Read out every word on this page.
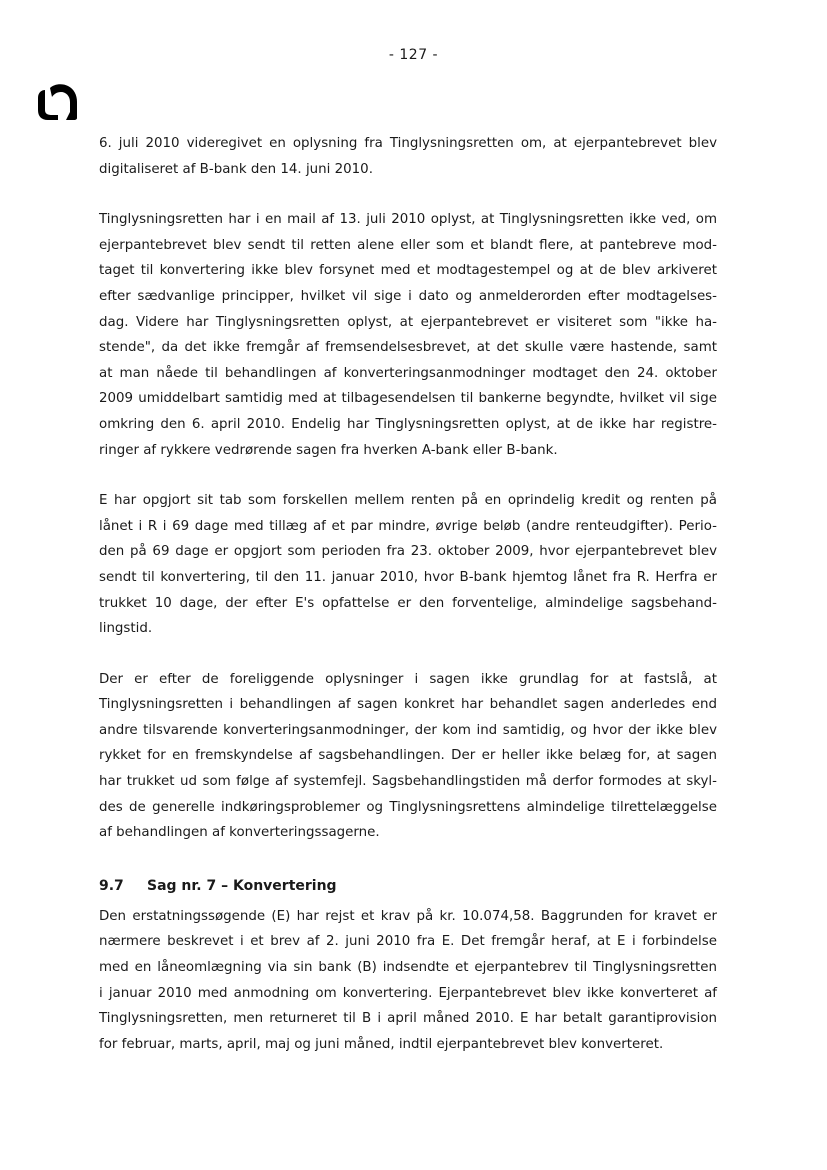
- 127 -
6. juli 2010 videregivet en oplysning fra Tinglysningsretten om, at ejerpantebrevet blev
digitaliseret af B-bank den 14. juni 2010.
Tinglysningsretten har i en mail af 13. juli 2010 oplyst, at Tinglysningsretten ikke ved, om
ejerpantebrevet blev sendt til retten alene eller som et blandt flere, at pantebreve mod-
taget til konvertering ikke blev forsynet med et modtagestempel og at de blev arkiveret
efter sædvanlige principper, hvilket vil sige i dato og anmelderorden efter modtagelses-
dag. Videre har Tinglysningsretten oplyst, at ejerpantebrevet er visiteret som "ikke ha-
stende", da det ikke fremgår af fremsendelsesbrevet, at det skulle være hastende, samt
at man nåede til behandlingen af konverteringsanmodninger modtaget den 24. oktober
2009 umiddelbart samtidig med at tilbagesendelsen til bankerne begyndte, hvilket vil sige
omkring den 6. april 2010. Endelig har Tinglysningsretten oplyst, at de ikke har registre-
ringer af rykkere vedrørende sagen fra hverken A-bank eller B-bank.
E har opgjort sit tab som forskellen mellem renten på en oprindelig kredit og renten på
lånet i R i 69 dage med tillæg af et par mindre, øvrige beløb (andre renteudgifter). Perio-
den på 69 dage er opgjort som perioden fra 23. oktober 2009, hvor ejerpantebrevet blev
sendt til konvertering, til den 11. januar 2010, hvor B-bank hjemtog lånet fra R. Herfra er
trukket 10 dage, der efter E's opfattelse er den forventelige, almindelige sagsbehand-
lingstid.
Der er efter de foreliggende oplysninger i sagen ikke grundlag for at fastslå, at
Tinglysningsretten i behandlingen af sagen konkret har behandlet sagen anderledes end
andre tilsvarende konverteringsanmodninger, der kom ind samtidig, og hvor der ikke blev
rykket for en fremskyndelse af sagsbehandlingen. Der er heller ikke belæg for, at sagen
har trukket ud som følge af systemfejl. Sagsbehandlingstiden må derfor formodes at skyl-
des de generelle indkøringsproblemer og Tinglysningsrettens almindelige tilrettelæggelse
af behandlingen af konverteringssagerne.
9.7 Sag nr. 7 – Konvertering
Den erstatningssøgende (E) har rejst et krav på kr. 10.074,58. Baggrunden for kravet er
nærmere beskrevet i et brev af 2. juni 2010 fra E. Det fremgår heraf, at E i forbindelse
med en låneomlægning via sin bank (B) indsendte et ejerpantebrev til Tinglysningsretten
i januar 2010 med anmodning om konvertering. Ejerpantebrevet blev ikke konverteret af
Tinglysningsretten, men returneret til B i april måned 2010. E har betalt garantiprovision
for februar, marts, april, maj og juni måned, indtil ejerpantebrevet blev konverteret.
